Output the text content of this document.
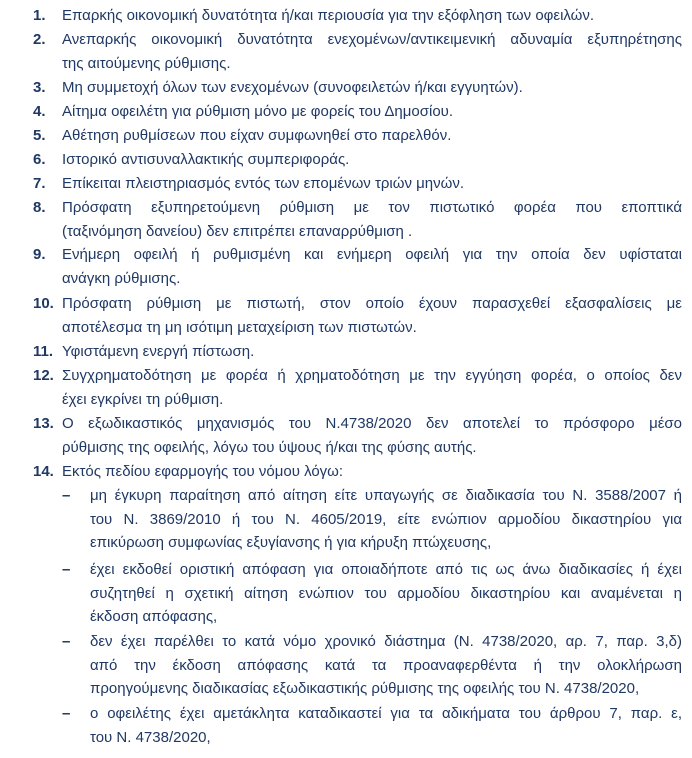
1. Επαρκής οικονομική δυνατότητα ή/και περιουσία για την εξόφληση των οφειλών.
2. Ανεπαρκής οικονομική δυνατότητα ενεχομένων/αντικειμενική αδυναμία εξυπηρέτησης
της αιτούμενης ρύθμισης.
3. Μη συμμετοχή όλων των ενεχομένων (συνοφειλετών ή/και εγγυητών).
4. Αίτημα οφειλέτη για ρύθμιση μόνο με φορείς του Δημοσίου.
5. Αθέτηση ρυθμίσεων που είχαν συμφωνηθεί στο παρελθόν.
6. Ιστορικό αντισυναλλακτικής συμπεριφοράς.
7. Επίκειται πλειστηριασμός εντός των επομένων τριών μηνών.
8. Πρόσφατη εξυπηρετούμενη ρύθμιση με τον πιστωτικό φορέα που εποπτικά
(ταξινόμηση δανείου) δεν επιτρέπει επαναρρύθμιση .
9. Ενήμερη οφειλή ή ρυθμισμένη και ενήμερη οφειλή για την οποία δεν υφίσταται
ανάγκη ρύθμισης.
10. Πρόσφατη ρύθμιση με πιστωτή, στον οποίο έχουν παρασχεθεί εξασφαλίσεις με
αποτέλεσμα τη μη ισότιμη μεταχείριση των πιστωτών.
11. Υφιστάμενη ενεργή πίστωση.
12. Συγχρηματοδότηση με φορέα ή χρηματοδότηση με την εγγύηση φορέα, ο οποίος δεν
έχει εγκρίνει τη ρύθμιση.
13. Ο εξωδικαστικός μηχανισμός του Ν.4738/2020 δεν αποτελεί το πρόσφορο μέσο
ρύθμισης της οφειλής, λόγω του ύψους ή/και της φύσης αυτής.
14. Εκτός πεδίου εφαρμογής του νόμου λόγω:
– μη έγκυρη παραίτηση από αίτηση είτε υπαγωγής σε διαδικασία του Ν. 3588/2007 ή
του Ν. 3869/2010 ή του Ν. 4605/2019, είτε ενώπιον αρμοδίου δικαστηρίου για
επικύρωση συμφωνίας εξυγίανσης ή για κήρυξη πτώχευσης,
– έχει εκδοθεί οριστική απόφαση για οποιαδήποτε από τις ως άνω διαδικασίες ή έχει
συζητηθεί η σχετική αίτηση ενώπιον του αρμοδίου δικαστηρίου και αναμένεται η
έκδοση απόφασης,
– δεν έχει παρέλθει το κατά νόμο χρονικό διάστημα (Ν. 4738/2020, αρ. 7, παρ. 3,δ)
από την έκδοση απόφασης κατά τα προαναφερθέντα ή την ολοκλήρωση
προηγούμενης διαδικασίας εξωδικαστικής ρύθμισης της οφειλής του Ν. 4738/2020,
– ο οφειλέτης έχει αμετάκλητα καταδικαστεί για τα αδικήματα του άρθρου 7, παρ. ε,
του Ν. 4738/2020,
